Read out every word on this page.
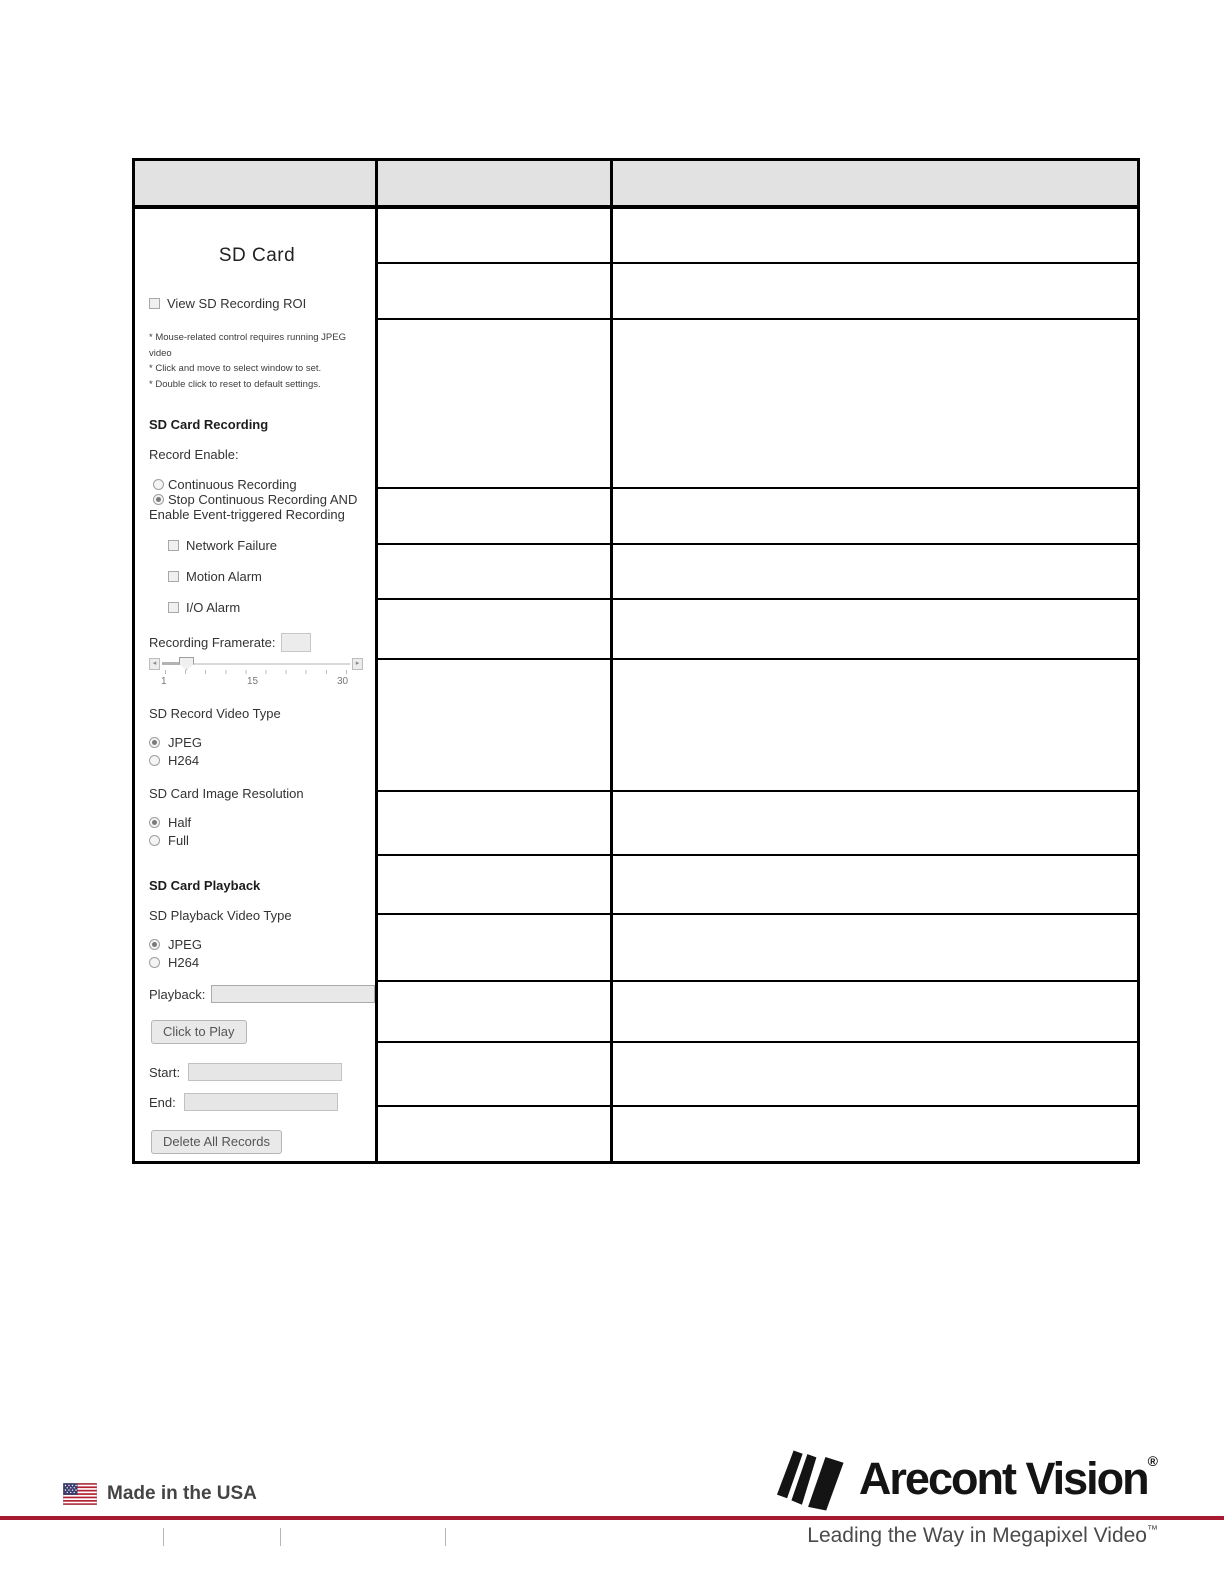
SD Card
View SD Recording ROI
* Mouse-related control requires running JPEG video
* Click and move to select window to set.
* Double click to reset to default settings.
SD Card Recording
Record Enable:
Continuous Recording
Stop Continuous Recording AND Enable Event-triggered Recording
Network Failure
Motion Alarm
I/O Alarm
Recording Framerate:
◂	▸
1	15	30
SD Record Video Type
JPEG
H264
SD Card Image Resolution
Half
Full
SD Card Playback
SD Playback Video Type
JPEG
H264
Playback:
Click to Play
Start:
End:
Delete All Records
Made in the USA	Arecont Vision®
Leading the Way in Megapixel Video™
